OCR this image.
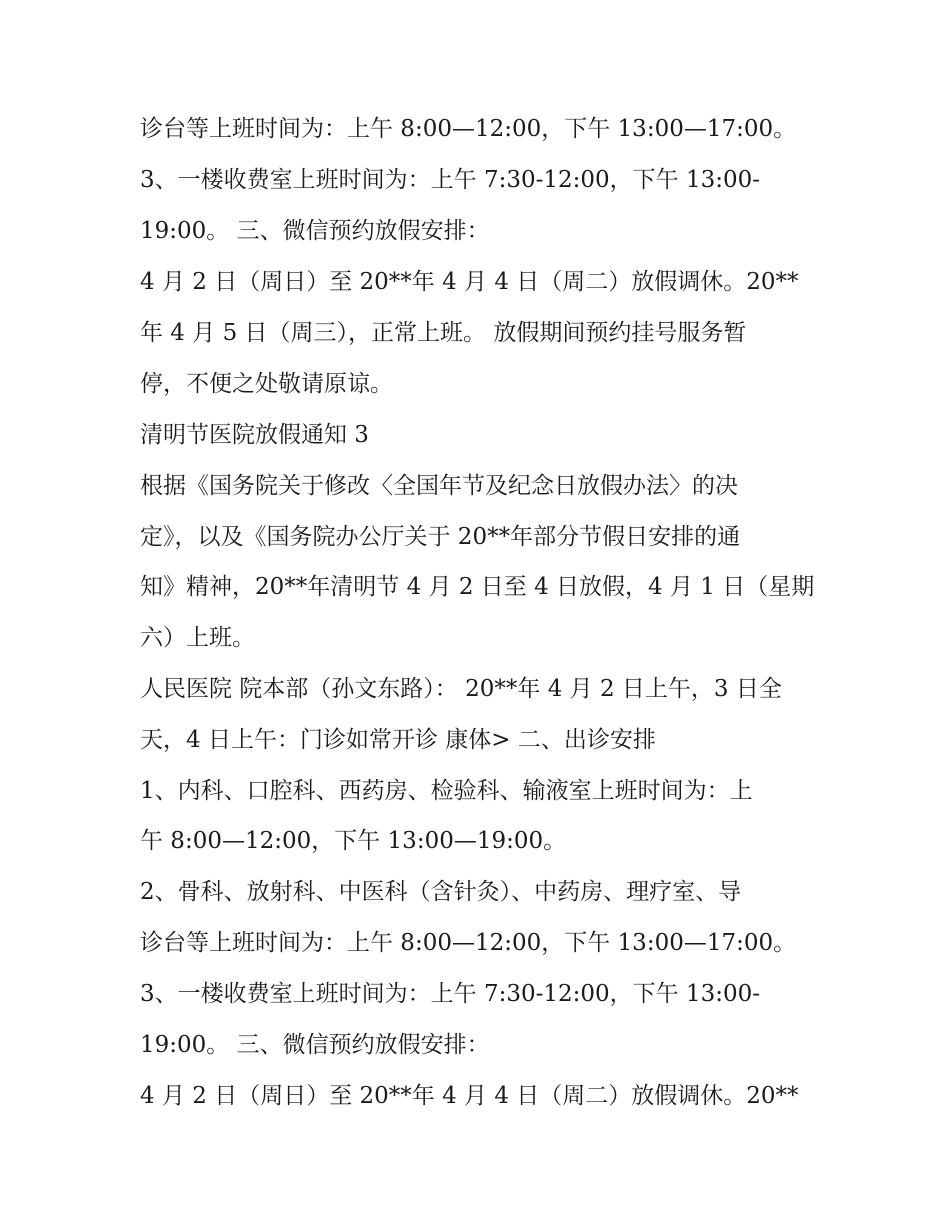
诊台等上班时间为：上午 8:00—12:00，下午 13:00—17:00。
3、一楼收费室上班时间为：上午 7:30-12:00，下午 13:00-
19:00。 三、微信预约放假安排：
4 月 2 日（周日）至 20**年 4 月 4 日（周二）放假调休。20**
年 4 月 5 日（周三），正常上班。 放假期间预约挂号服务暂
停，不便之处敬请原谅。
清明节医院放假通知 3
根据《国务院关于修改〈全国年节及纪念日放假办法〉的决
定》，以及《国务院办公厅关于 20**年部分节假日安排的通
知》精神，20**年清明节 4 月 2 日至 4 日放假，4 月 1 日（星期
六）上班。
人民医院 院本部（孙文东路）： 20**年 4 月 2 日上午，3 日全
天，4 日上午：门诊如常开诊 康体> 二、出诊安排
1、内科、口腔科、西药房、检验科、输液室上班时间为：上
午 8:00—12:00，下午 13:00—19:00。
2、骨科、放射科、中医科（含针灸）、中药房、理疗室、导
诊台等上班时间为：上午 8:00—12:00，下午 13:00—17:00。
3、一楼收费室上班时间为：上午 7:30-12:00，下午 13:00-
19:00。 三、微信预约放假安排：
4 月 2 日（周日）至 20**年 4 月 4 日（周二）放假调休。20**
